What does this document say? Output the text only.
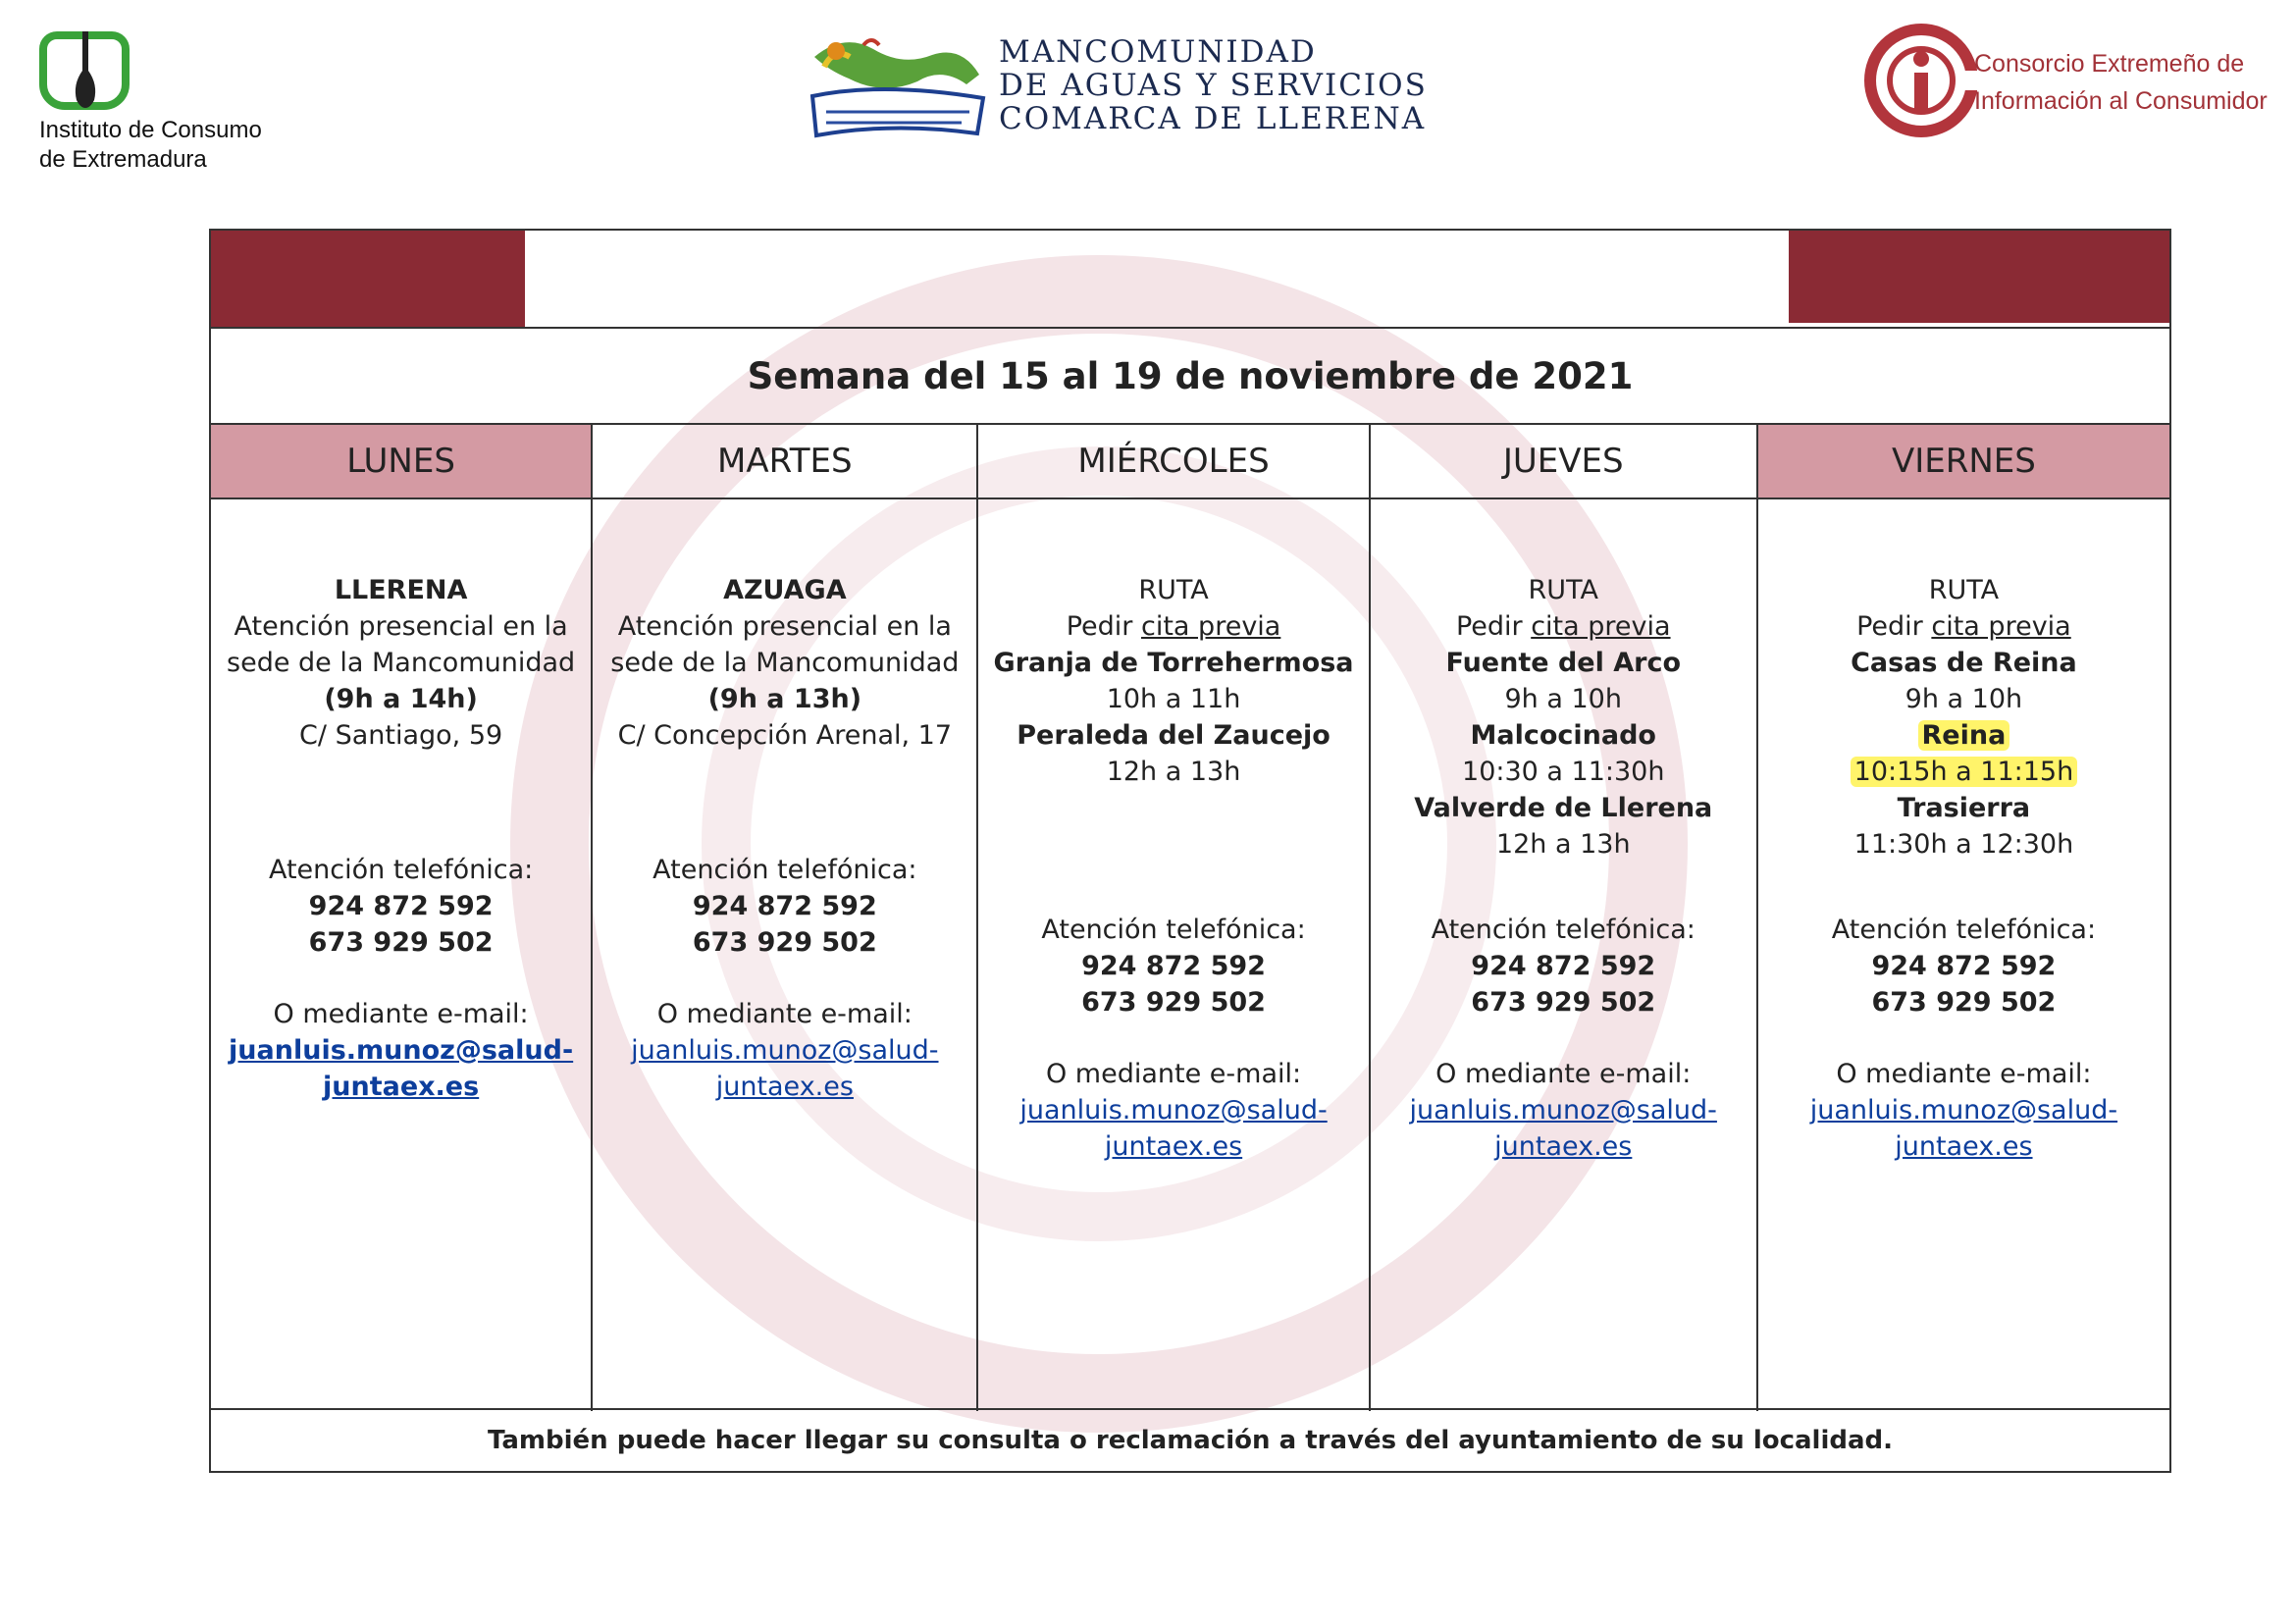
Instituto de Consumo
de Extremadura
MANCOMUNIDAD
DE AGUAS Y SERVICIOS
COMARCA DE LLERENA
Consorcio Extremeño de
Información al Consumidor
Semana del 15 al 19 de noviembre de 2021
LUNES
LLERENA
Atención presencial en la
sede de la Mancomunidad
(9h a 14h)
C/ Santiago, 59
Atención telefónica:
924 872 592
673 929 502
O mediante e-mail:
juanluis.munoz@salud-
juntaex.es
MARTES
AZUAGA
Atención presencial en la
sede de la Mancomunidad
(9h a 13h)
C/ Concepción Arenal, 17
Atención telefónica:
924 872 592
673 929 502
O mediante e-mail:
juanluis.munoz@salud-
juntaex.es
MIÉRCOLES
RUTA
Pedir cita previa
Granja de Torrehermosa
10h a 11h
Peraleda del Zaucejo
12h a 13h
Atención telefónica:
924 872 592
673 929 502
O mediante e-mail:
juanluis.munoz@salud-
juntaex.es
JUEVES
RUTA
Pedir cita previa
Fuente del Arco
9h a 10h
Malcocinado
10:30 a 11:30h
Valverde de Llerena
12h a 13h
Atención telefónica:
924 872 592
673 929 502
O mediante e-mail:
juanluis.munoz@salud-
juntaex.es
VIERNES
RUTA
Pedir cita previa
Casas de Reina
9h a 10h
Reina
10:15h a 11:15h
Trasierra
11:30h a 12:30h
Atención telefónica:
924 872 592
673 929 502
O mediante e-mail:
juanluis.munoz@salud-
juntaex.es
También puede hacer llegar su consulta o reclamación a través del ayuntamiento de su localidad.
